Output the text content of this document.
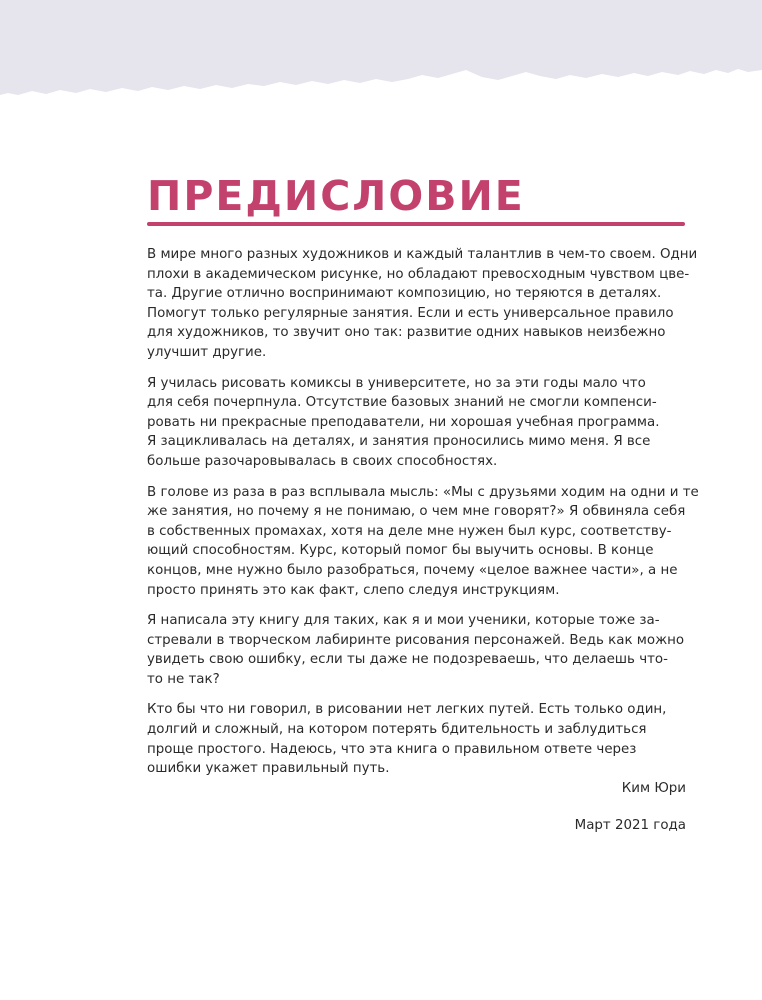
ПРЕДИСЛОВИЕ

В мире много разных художников и каждый талантлив в чем-то своем. Одни
плохи в академическом рисунке, но обладают превосходным чувством цве-
та. Другие отлично воспринимают композицию, но теряются в деталях.
Помогут только регулярные занятия. Если и есть универсальное правило
для художников, то звучит оно так: развитие одних навыков неизбежно
улучшит другие.

Я училась рисовать комиксы в университете, но за эти годы мало что
для себя почерпнула. Отсутствие базовых знаний не смогли компенси-
ровать ни прекрасные преподаватели, ни хорошая учебная программа.
Я зацикливалась на деталях, и занятия проносились мимо меня. Я все
больше разочаровывалась в своих способностях.

В голове из раза в раз всплывала мысль: «Мы с друзьями ходим на одни и те
же занятия, но почему я не понимаю, о чем мне говорят?» Я обвиняла себя
в собственных промахах, хотя на деле мне нужен был курс, соответству-
ющий способностям. Курс, который помог бы выучить основы. В конце
концов, мне нужно было разобраться, почему «целое важнее части», а не
просто принять это как факт, слепо следуя инструкциям.

Я написала эту книгу для таких, как я и мои ученики, которые тоже за-
стревали в творческом лабиринте рисования персонажей. Ведь как можно
увидеть свою ошибку, если ты даже не подозреваешь, что делаешь что-
то не так?

Кто бы что ни говорил, в рисовании нет легких путей. Есть только один,
долгий и сложный, на котором потерять бдительность и заблудиться
проще простого. Надеюсь, что эта книга о правильном ответе через
ошибки укажет правильный путь.

Ким Юри
Март 2021 года
